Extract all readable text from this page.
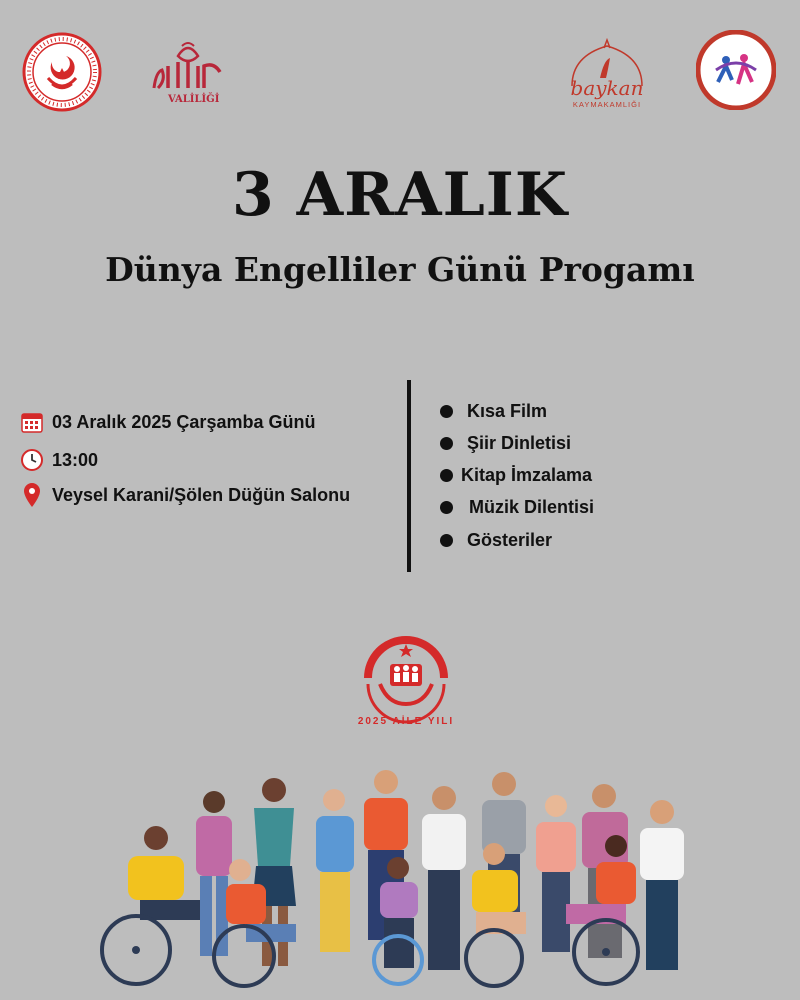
VALİLİĞİ	baykan
KAYMAKAMLIĞI
3 ARALIK
Dünya Engelliler Günü Progamı
03 Aralık 2025 Çarşamba Günü
13:00
Veysel Karani/Şölen Düğün Salonu
Kısa Film
Şiir Dinletisi
Kitap İmzalama
Müzik Dilentisi
Gösteriler
2025 AİLE YILI
